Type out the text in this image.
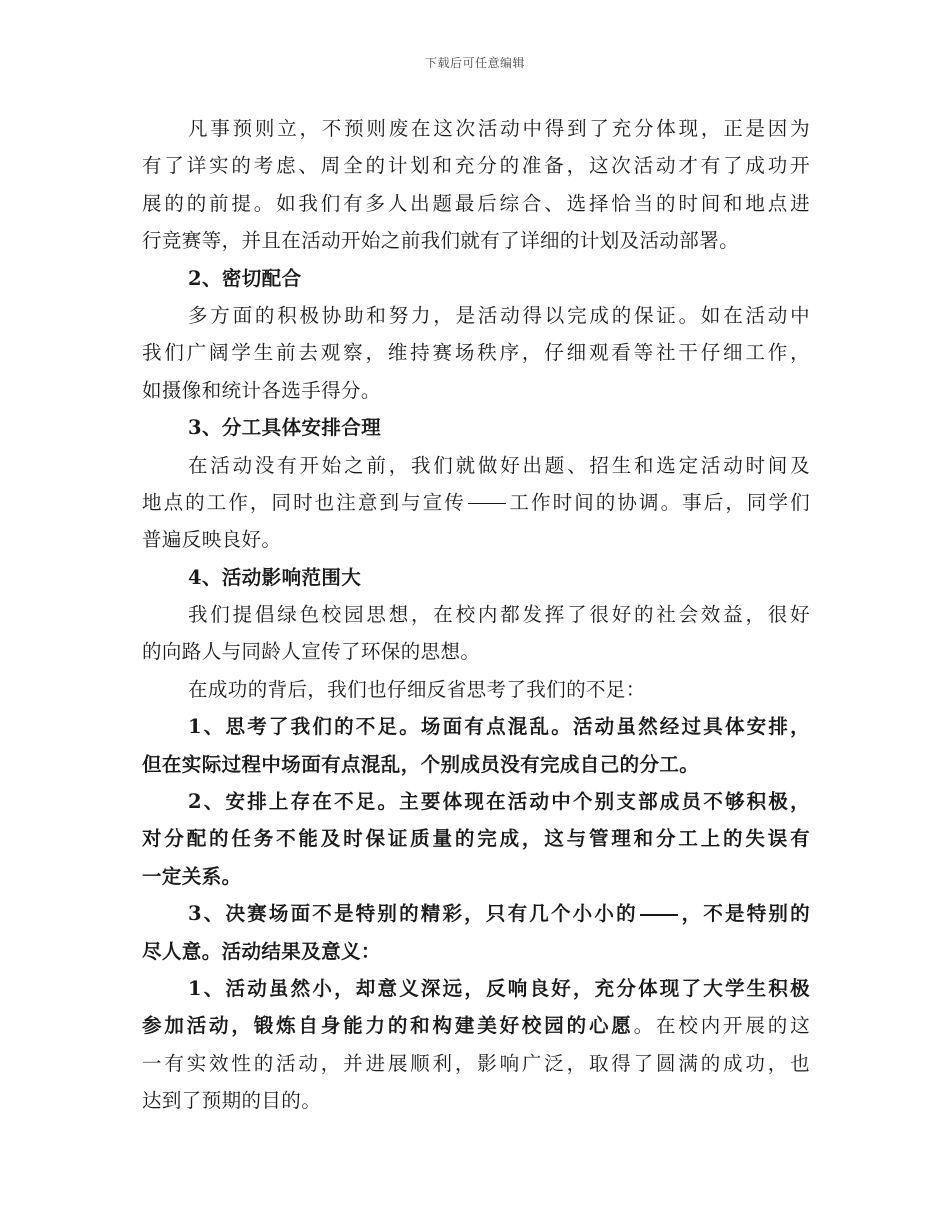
下载后可任意编辑
凡事预则立，不预则废在这次活动中得到了充分体现，正是因为
有了详实的考虑、周全的计划和充分的准备，这次活动才有了成功开
展的的前提。如我们有多人出题最后综合、选择恰当的时间和地点进
行竞赛等，并且在活动开始之前我们就有了详细的计划及活动部署。
2、密切配合
多方面的积极协助和努力，是活动得以完成的保证。如在活动中
我们广阔学生前去观察，维持赛场秩序，仔细观看等社干仔细工作，
如摄像和统计各选手得分。
3、分工具体安排合理
在活动没有开始之前，我们就做好出题、招生和选定活动时间及
地点的工作，同时也注意到与宣传 工作时间的协调。事后，同学们
普遍反映良好。
4、活动影响范围大
我们提倡绿色校园思想，在校内都发挥了很好的社会效益，很好
的向路人与同龄人宣传了环保的思想。
在成功的背后，我们也仔细反省思考了我们的不足：
1、思考了我们的不足。场面有点混乱。活动虽然经过具体安排，
但在实际过程中场面有点混乱，个别成员没有完成自己的分工。
2、安排上存在不足。主要体现在活动中个别支部成员不够积极，
对分配的任务不能及时保证质量的完成，这与管理和分工上的失误有
一定关系。
3、决赛场面不是特别的精彩，只有几个小小的 ，不是特别的
尽人意。活动结果及意义：
1、活动虽然小，却意义深远，反响良好，充分体现了大学生积极
参加活动，锻炼自身能力的和构建美好校园的心愿。在校内开展的这
一有实效性的活动，并进展顺利，影响广泛，取得了圆满的成功，也
达到了预期的目的。
